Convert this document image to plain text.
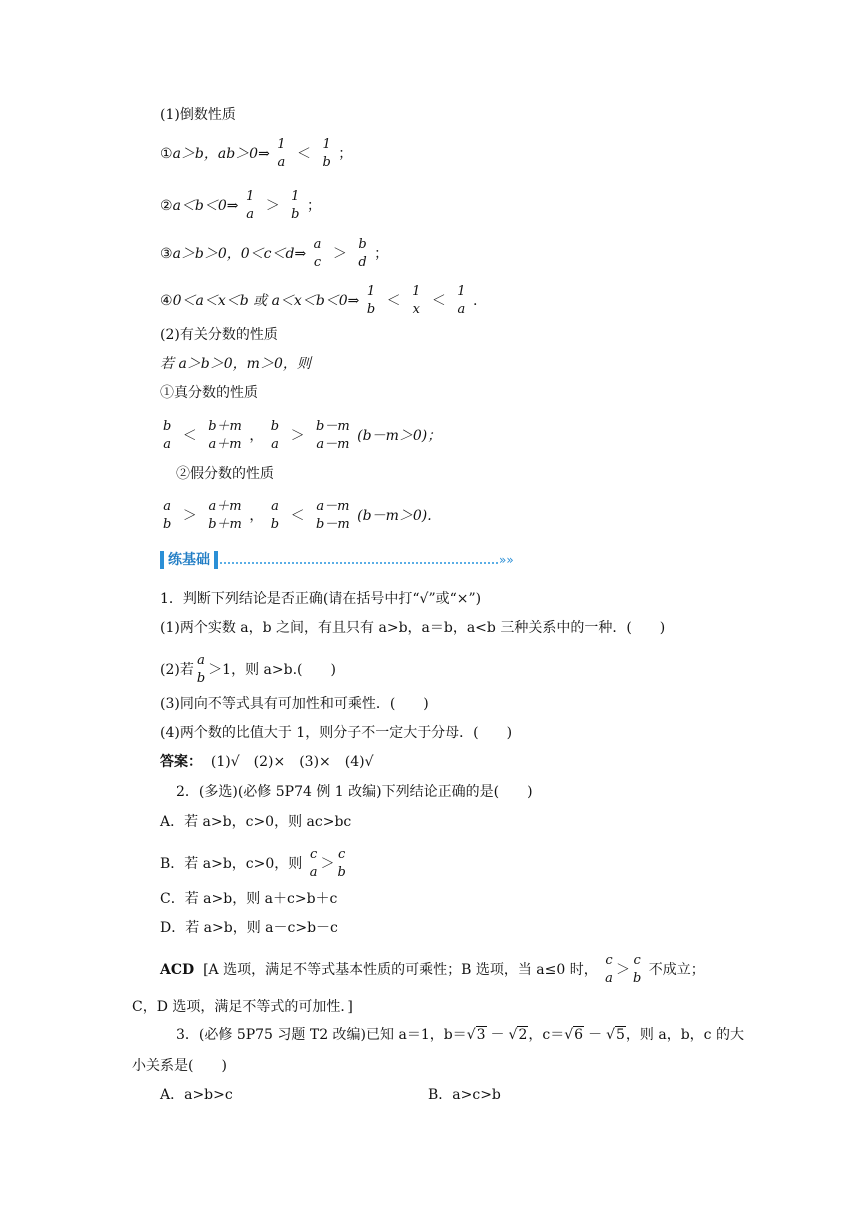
(1)倒数性质
①a＞b，ab＞0⇒
1
a
＜
1
b
；
②a＜b＜0⇒
1
a
＞
1
b
；
③a＞b＞0，0＜c＜d⇒
a
c
＞
b
d
；
④0＜a＜x＜b 或 a＜x＜b＜0⇒
1
b
＜
1
x
＜
1
a
.
(2)有关分数的性质
若 a＞b＞0，m＞0，则
①真分数的性质
b
a
＜
b＋m
a＋m
，
b
a
＞
b－m
a－m
(b－m＞0)；
②假分数的性质
a
b
＞
a＋m
b＋m
，
a
b
＜
a－m
b－m
(b－m＞0).
练基础	»»
1．判断下列结论是否正确(请在括号中打“√”或“×”)
(1)两个实数 a，b 之间，有且只有 a>b，a＝b，a<b 三种关系中的一种．(　　)
(2)若
a
b
＞1，则 a>b.(　　)
(3)同向不等式具有可加性和可乘性．(　　)
(4)两个数的比值大于 1，则分子不一定大于分母．(　　)
答案： (1)√　(2)×　(3)×　(4)√
2．(多选)(必修 5P74 例 1 改编)下列结论正确的是(　　)
A．若 a>b，c>0，则 ac>bc
B．若 a>b，c>0，则
c
a
＞
c
b
C．若 a>b，则 a＋c>b＋c
D．若 a>b，则 a－c>b－c
ACD [A 选项，满足不等式基本性质的可乘性；B 选项，当 a≤0 时，
c
a
＞
c
b
不成立；
C，D 选项，满足不等式的可加性．]
3．(必修 5P75 习题 T2 改编)已知 a＝1，b＝√3 － √2，c＝√6 － √5，则 a，b，c 的大
小关系是(　　)
A．a>b>c	B．a>c>b
